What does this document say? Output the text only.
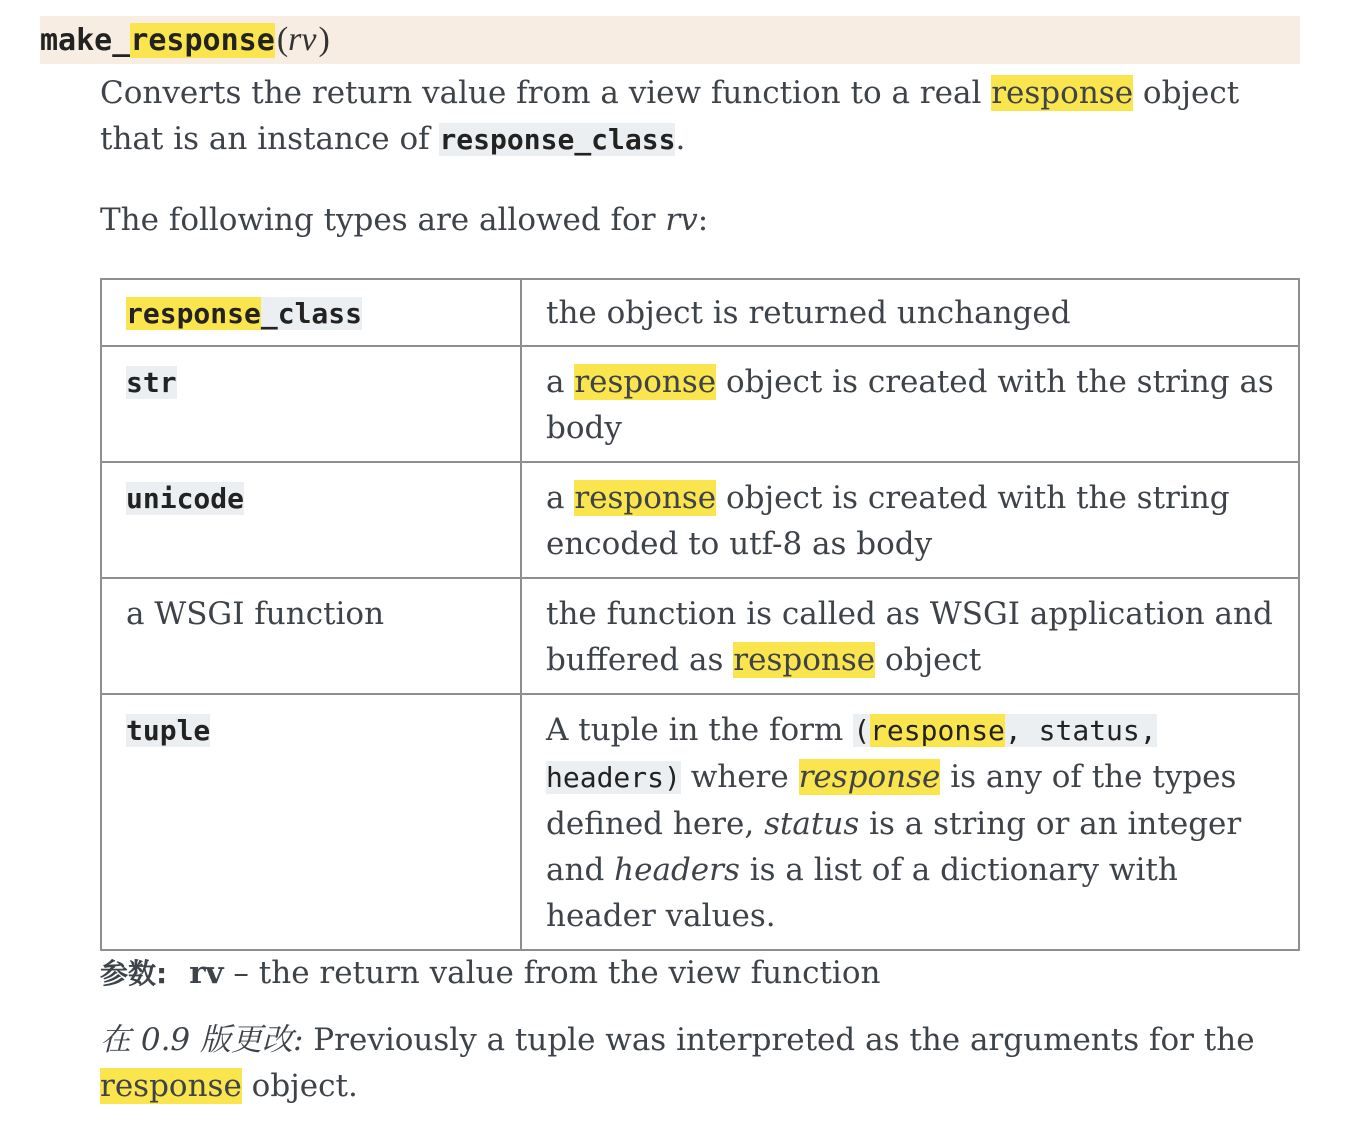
make_response ( rv )
Converts the return value from a view function to a real response object that is an instance of response_class.
The following types are allowed for rv:
response_class	the object is returned unchanged
str	a response object is created with the string as body
unicode	a response object is created with the string encoded to utf-8 as body
a WSGI function	the function is called as WSGI application and buffered as response object
tuple	A tuple in the form (response, status, headers) where response is any of the types defined here, status is a string or an integer and headers is a list of a dictionary with header values.
参数: rv – the return value from the view function
在 0.9 版更改: Previously a tuple was interpreted as the arguments for the response object.
